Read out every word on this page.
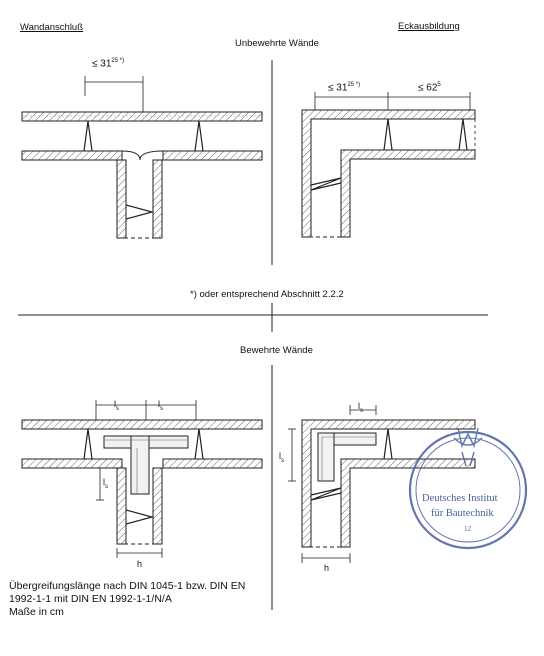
Wandanschluß	Eckausbildung
Unbewehrte Wände
Bewehrte Wände
≤ $31^{25 *)}$
≤ $31^{25 *)}$	≤ $62^5$
*) oder entsprechend Abschnitt 2.2.2
$l_s$	$l_s$
$l_s$
h
$l_s$
$l_s$
h
Deutsches Institut
für Bautechnik
12
Übergreifungslänge nach DIN 1045-1 bzw. DIN EN
1992-1-1 mit DIN EN 1992-1-1/N/A
Maße in cm
